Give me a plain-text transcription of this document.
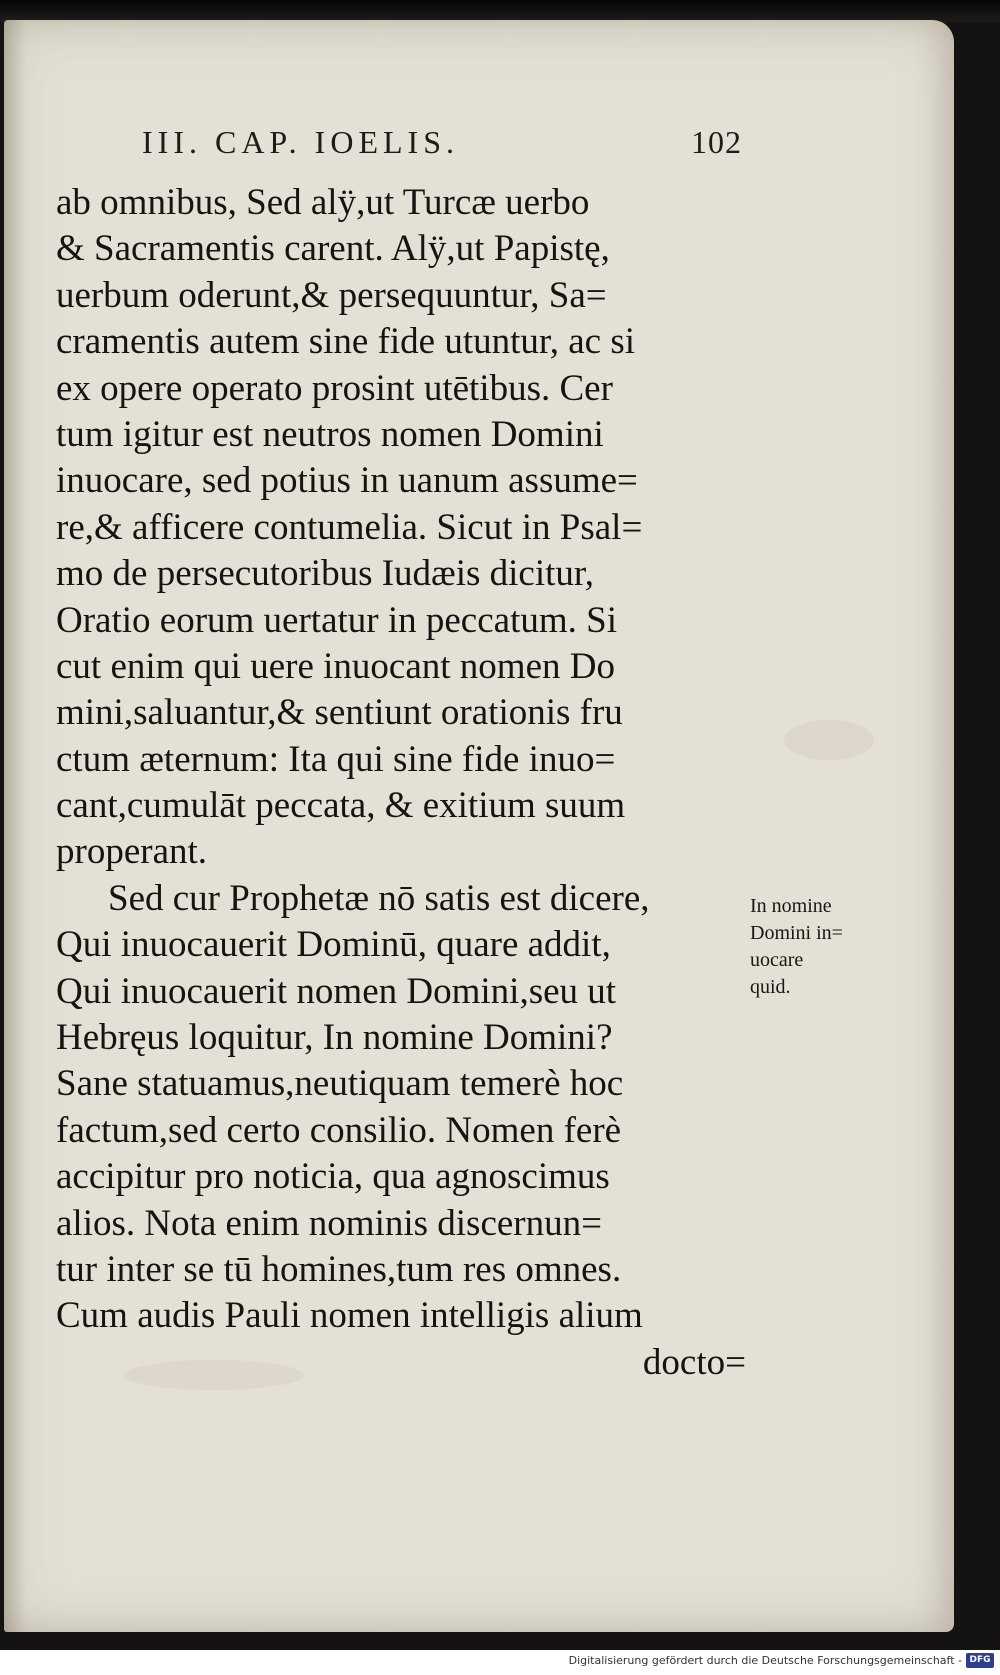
III. CAP. IOELIS.	102
ab omnibus, Sed alÿ,ut Turcæ uerbo
& Sacramentis carent. Alÿ,ut Papistę,
uerbum oderunt,& persequuntur, Sa=
cramentis autem sine fide utuntur, ac si
ex opere operato prosint utētibus. Cer
tum igitur est neutros nomen Domini
inuocare, sed potius in uanum assume=
re,& afficere contumelia. Sicut in Psal=
mo de persecutoribus Iudæis dicitur,
Oratio eorum uertatur in peccatum. Si
cut enim qui uere inuocant nomen Do
mini,saluantur,& sentiunt orationis fru
ctum æternum: Ita qui sine fide inuo=
cant,cumulāt peccata, & exitium suum
properant.
Sed cur Prophetæ nō satis est dicere,
Qui inuocauerit Dominū, quare addit,
Qui inuocauerit nomen Domini,seu ut
Hebręus loquitur, In nomine Domini?
Sane statuamus,neutiquam temerè hoc
factum,sed certo consilio. Nomen ferè
accipitur pro noticia, qua agnoscimus
alios. Nota enim nominis discernun=
tur inter se tū homines,tum res omnes.
Cum audis Pauli nomen intelligis alium
docto=
In nomine
Domini in=
uocare
quid.
Digitalisierung gefördert durch die Deutsche Forschungsgemeinschaft - DFG
